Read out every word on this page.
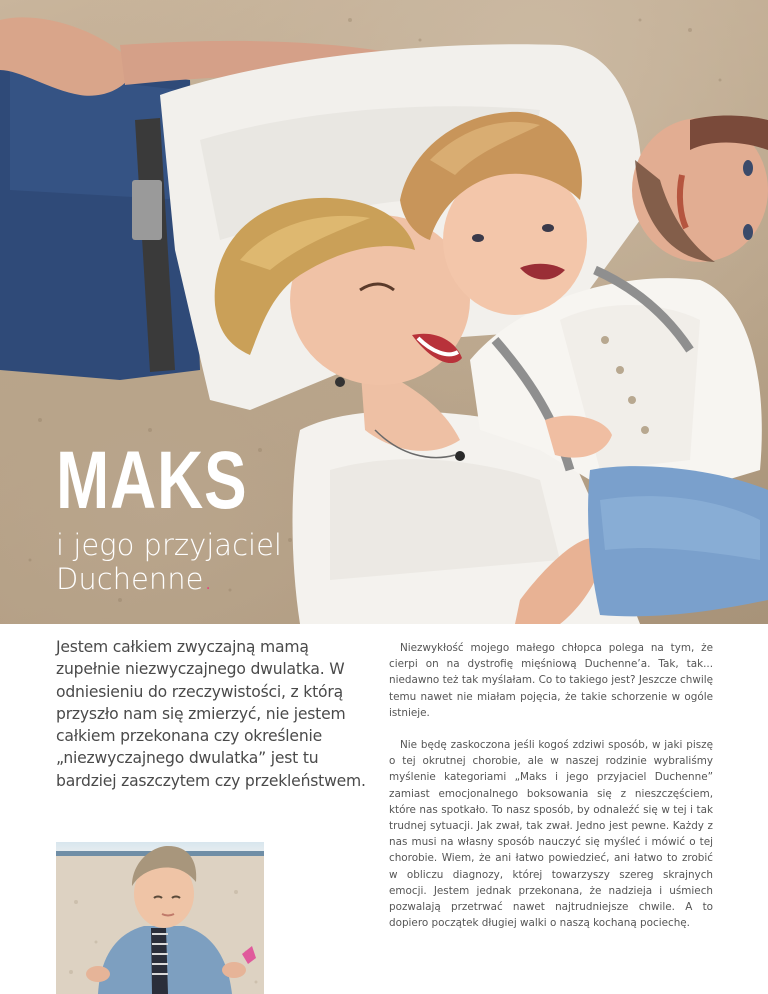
MAKS

i jego przyjaciel Duchenne.

Jestem całkiem zwyczajną mamą zupełnie niezwyczajnego dwulatka. W odniesieniu do rzeczywistości, z którą przyszło nam się zmierzyć, nie jestem całkiem przekonana czy określenie „niezwyczajnego dwulatka” jest tu bardziej zaszczytem czy przekleństwem.

Niezwykłość mojego małego chłopca polega na tym, że cierpi on na dystrofię mięśniową Duchenne’a. Tak, tak... niedawno też tak myślałam. Co to takiego jest? Jeszcze chwilę temu nawet nie miałam pojęcia, że takie schorzenie w ogóle istnieje.

Nie będę zaskoczona jeśli kogoś zdziwi sposób, w jaki piszę o tej okrutnej chorobie, ale w naszej rodzinie wybraliśmy myślenie kategoriami „Maks i jego przyjaciel Duchenne” zamiast emocjonalnego boksowania się z nieszczęściem, które nas spotkało. To nasz sposób, by odnaleźć się w tej i tak trudnej sytuacji. Jak zwał, tak zwał. Jedno jest pewne. Każdy z nas musi na własny sposób nauczyć się myśleć i mówić o tej chorobie. Wiem, że ani łatwo powiedzieć, ani łatwo to zrobić w obliczu diagnozy, której towarzyszy szereg skrajnych emocji. Jestem jednak przekonana, że nadzieja i uśmiech pozwalają przetrwać nawet najtrudniejsze chwile. A to dopiero początek długiej walki o naszą kochaną pociechę.
